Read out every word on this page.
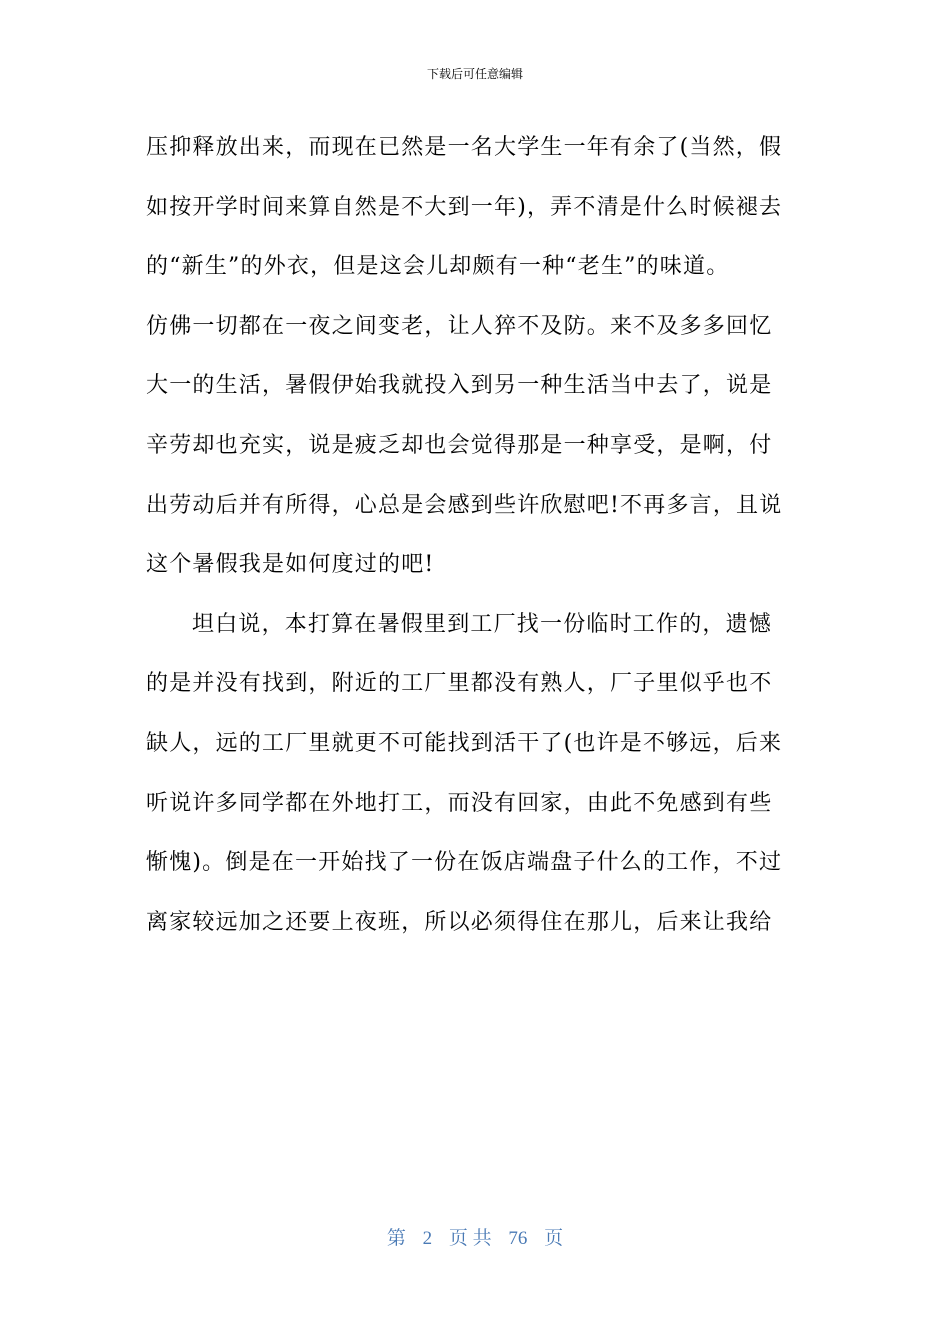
下载后可任意编辑
压抑释放出来，而现在已然是一名大学生一年有余了(当然，假
如按开学时间来算自然是不大到一年)，弄不清是什么时候褪去
的“新生”的外衣，但是这会儿却颇有一种“老生”的味道。
仿佛一切都在一夜之间变老，让人猝不及防。来不及多多回忆
大一的生活，暑假伊始我就投入到另一种生活当中去了，说是
辛劳却也充实，说是疲乏却也会觉得那是一种享受，是啊，付
出劳动后并有所得，心总是会感到些许欣慰吧!不再多言，且说
这个暑假我是如何度过的吧!
坦白说，本打算在暑假里到工厂找一份临时工作的，遗憾
的是并没有找到，附近的工厂里都没有熟人，厂子里似乎也不
缺人，远的工厂里就更不可能找到活干了(也许是不够远，后来
听说许多同学都在外地打工，而没有回家，由此不免感到有些
惭愧)。倒是在一开始找了一份在饭店端盘子什么的工作，不过
离家较远加之还要上夜班，所以必须得住在那儿，后来让我给
第 2 页 共 76 页
